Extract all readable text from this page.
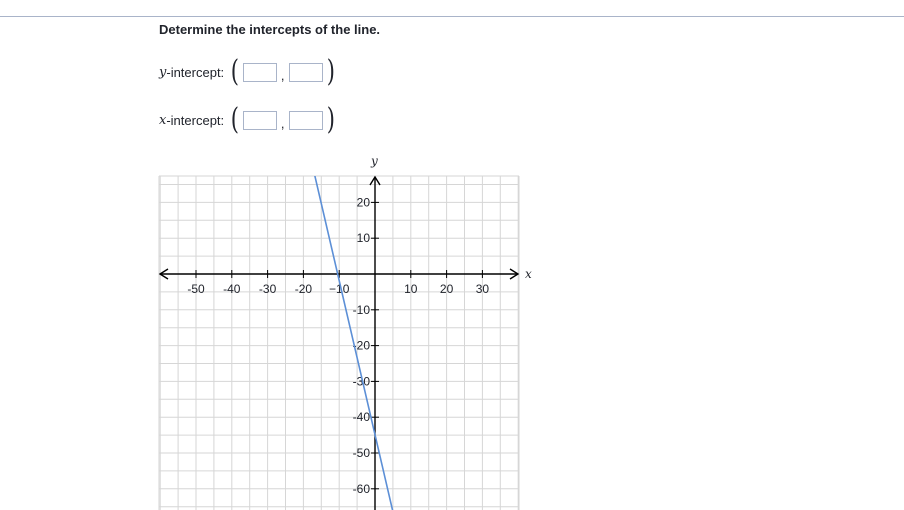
Determine the intercepts of the line.
y -intercept: (	, )
x -intercept: (	, )
x
y
-50 -40 -30 -20 −10	10 20 30
20
10
-10
-20
-30
-40
-50
-60
